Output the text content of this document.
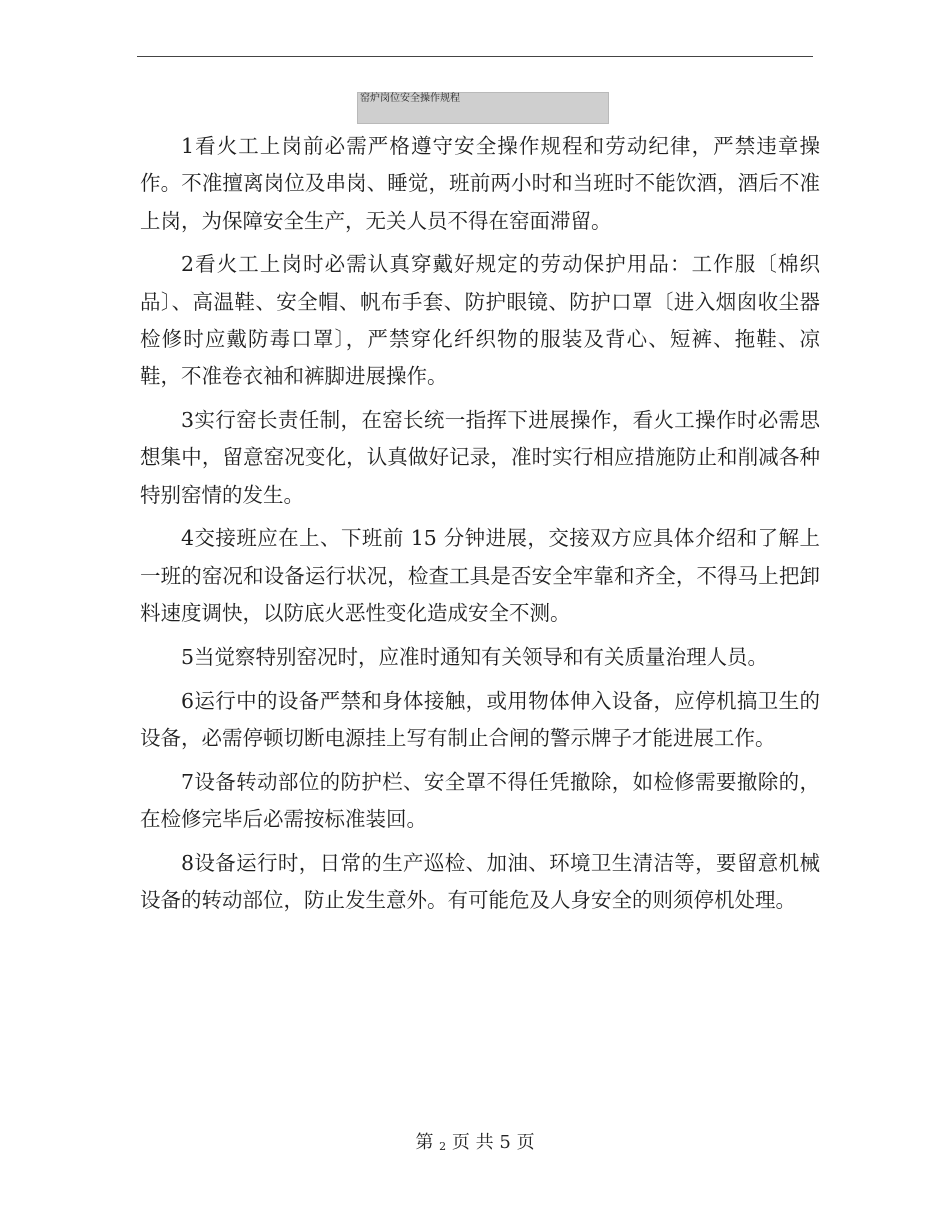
窑炉岗位安全操作规程

1看火工上岗前必需严格遵守安全操作规程和劳动纪律，严禁违章操作。不准擅离岗位及串岗、睡觉，班前两小时和当班时不能饮酒，酒后不准上岗，为保障安全生产，无关人员不得在窑面滞留。

2看火工上岗时必需认真穿戴好规定的劳动保护用品：工作服〔棉织品〕、高温鞋、安全帽、帆布手套、防护眼镜、防护口罩〔进入烟囱收尘器检修时应戴防毒口罩〕，严禁穿化纤织物的服装及背心、短裤、拖鞋、凉鞋，不准卷衣袖和裤脚进展操作。

3实行窑长责任制，在窑长统一指挥下进展操作，看火工操作时必需思想集中，留意窑况变化，认真做好记录，准时实行相应措施防止和削减各种特别窑情的发生。

4交接班应在上、下班前 15 分钟进展，交接双方应具体介绍和了解上一班的窑况和设备运行状况，检查工具是否安全牢靠和齐全，不得马上把卸料速度调快，以防底火恶性变化造成安全不测。

5当觉察特别窑况时，应准时通知有关领导和有关质量治理人员。

6运行中的设备严禁和身体接触，或用物体伸入设备，应停机搞卫生的设备，必需停顿切断电源挂上写有制止合闸的警示牌子才能进展工作。

7设备转动部位的防护栏、安全罩不得任凭撤除，如检修需要撤除的，在检修完毕后必需按标准装回。

8设备运行时，日常的生产巡检、加油、环境卫生清洁等，要留意机械设备的转动部位，防止发生意外。有可能危及人身安全的则须停机处理。

第 2 页 共 5 页
